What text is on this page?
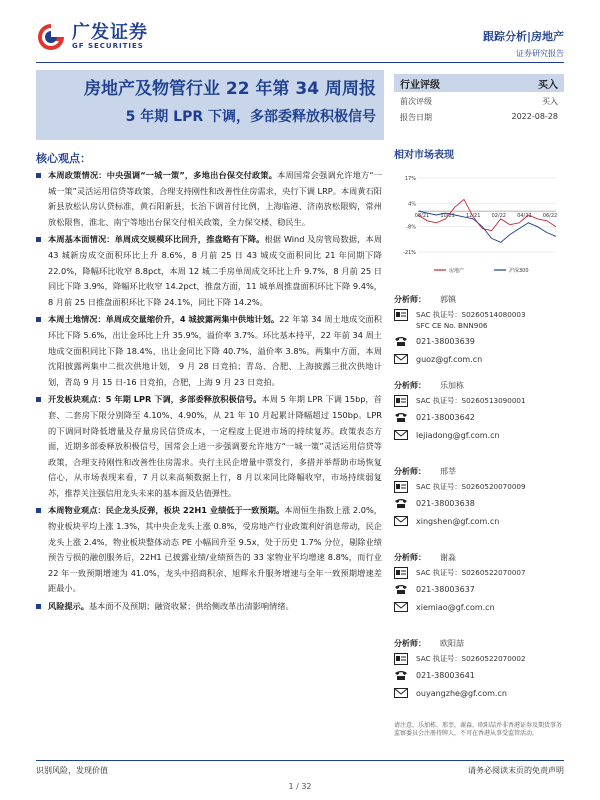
广发证券
GF SECURITIES
跟踪分析|房地产
证券研究报告
房地产及物管行业 22 年第 34 周周报
5 年期 LPR 下调，多部委释放积极信号
行业评级	买入
前次评级	买入
报告日期	2022-08-28
相对市场表现
17%
4%
-8%
-21%
08/21 10/21 12/21 02/22 04/22 06/22
房地产	沪深300
核心观点：
本周政策情况：中央强调“一城一策”，多地出台保交付政策。本周国常会强调允许地方“一城一策”灵活运用信贷等政策，合理支持刚性和改善性住房需求，央行下调 LRP。本周黄石阳新县放松认房认贷标准，黄石阳新县，长治下调首付比例，上海临港、济南放松限购，常州放松限售，淮北、南宁等地出台保交付相关政策，全力保交楼、稳民生。
本周基本面情况：单周成交规模环比回升，推盘略有下降。根据 Wind 及房管局数据，本周 43 城新房成交面积环比上升 8.6%，8 月前 25 日 43 城成交面积同比 21 年同期下降 22.0%，降幅环比收窄 8.8pct，本周 12 城二手房单周成交环比上升 9.7%，8 月前 25 日同比下降 3.9%，降幅环比收窄 14.2pct，推盘方面，11 城单周推盘面积环比下降 9.4%，8 月前 25 日推盘面积环比下降 24.1%，同比下降 14.2%。
本周土地情况：单周成交量缩价升，4 城披露两集中供地计划。22 年第 34 周土地成交面积环比下降 5.6%，出让金环比上升 35.9%，溢价率 3.7%。环比基本持平，22 年前 34 周土地成交面积同比下降 18.4%，出让金同比下降 40.7%，溢价率 3.8%。两集中方面，本周沈阳披露两集中二批次供地计划， 9 月 28 日竞拍；青岛、合肥、上海披露三批次供地计划，青岛 9 月 15 日-16 日竞拍，合肥，上海 9 月 23 日竞拍。
开发板块观点：5 年期 LPR 下调，多部委释放积极信号。本周 5 年期 LPR 下调 15bp，首套、二套房下限分别降至 4.10%、4.90%，从 21 年 10 月起累计降幅超过 150bp。LPR 的下调同时降低增量及存量房民信贷成本，一定程度上促进市场的持续复苏。政策表态方面，近期多部委释放积极信号，国常会上进一步强调要允许地方“一城一策”灵活运用信贷等政策，合理支持刚性和改善性住房需求。央行主民企增量中票发行，多措并举帮助市场恢复信心，从市场表现来看，7 月以来高频数据上行，8 月以来同比降幅收窄，市场持续弱复苏，推荐关注强信用龙头未来的基本面及估值弹性。
本周物业观点：民企龙头反弹，板块 22H1 业绩低于一致预期。本周恒生指数上涨 2.0%，物业板块平均上涨 1.3%，其中央企龙头上涨 0.8%，受房地产行业政策利好消息带动，民企龙头上涨 2.4%，物业板块整体动态 PE 小幅回升至 9.5x，处于历史 1.7% 分位，剔除业绩预告亏损的融创服务后，22H1 已披露业绩/业绩预告的 33 家物业平均增速 8.8%，而行业 22 年一致预期增速为 41.0%，龙头中招商积余、旭辉永升服务增速与全年一致预期增速差距最小。
风险提示。基本面不及预期；融资收紧；供给侧改革出清影响情绪。
分析师： 郭镇
SAC 执证号：S0260514080003
SFC CE No. BNN906
021-38003639
guoz@gf.com.cn
分析师： 乐加栋
SAC 执证号：S0260513090001
021-38003642
lejiadong@gf.com.cn
分析师： 邢莘
SAC 执证号：S0260520070009
021-38003638
xingshen@gf.com.cn
分析师： 谢淼
SAC 执证号：S0260522070007
021-38003637
xiemiao@gf.com.cn
分析师： 欧阳喆
SAC 执证号：S0260522070002
021-38003641
ouyangzhe@gf.com.cn
请注意，乐加栋，邢莘，谢淼，欧阳喆并非香港证券及期货事务监察委员会注册持牌人，不可在香港从事受监管活动。
识别风险，发现价值	请务必阅读末页的免责声明
1 / 32
